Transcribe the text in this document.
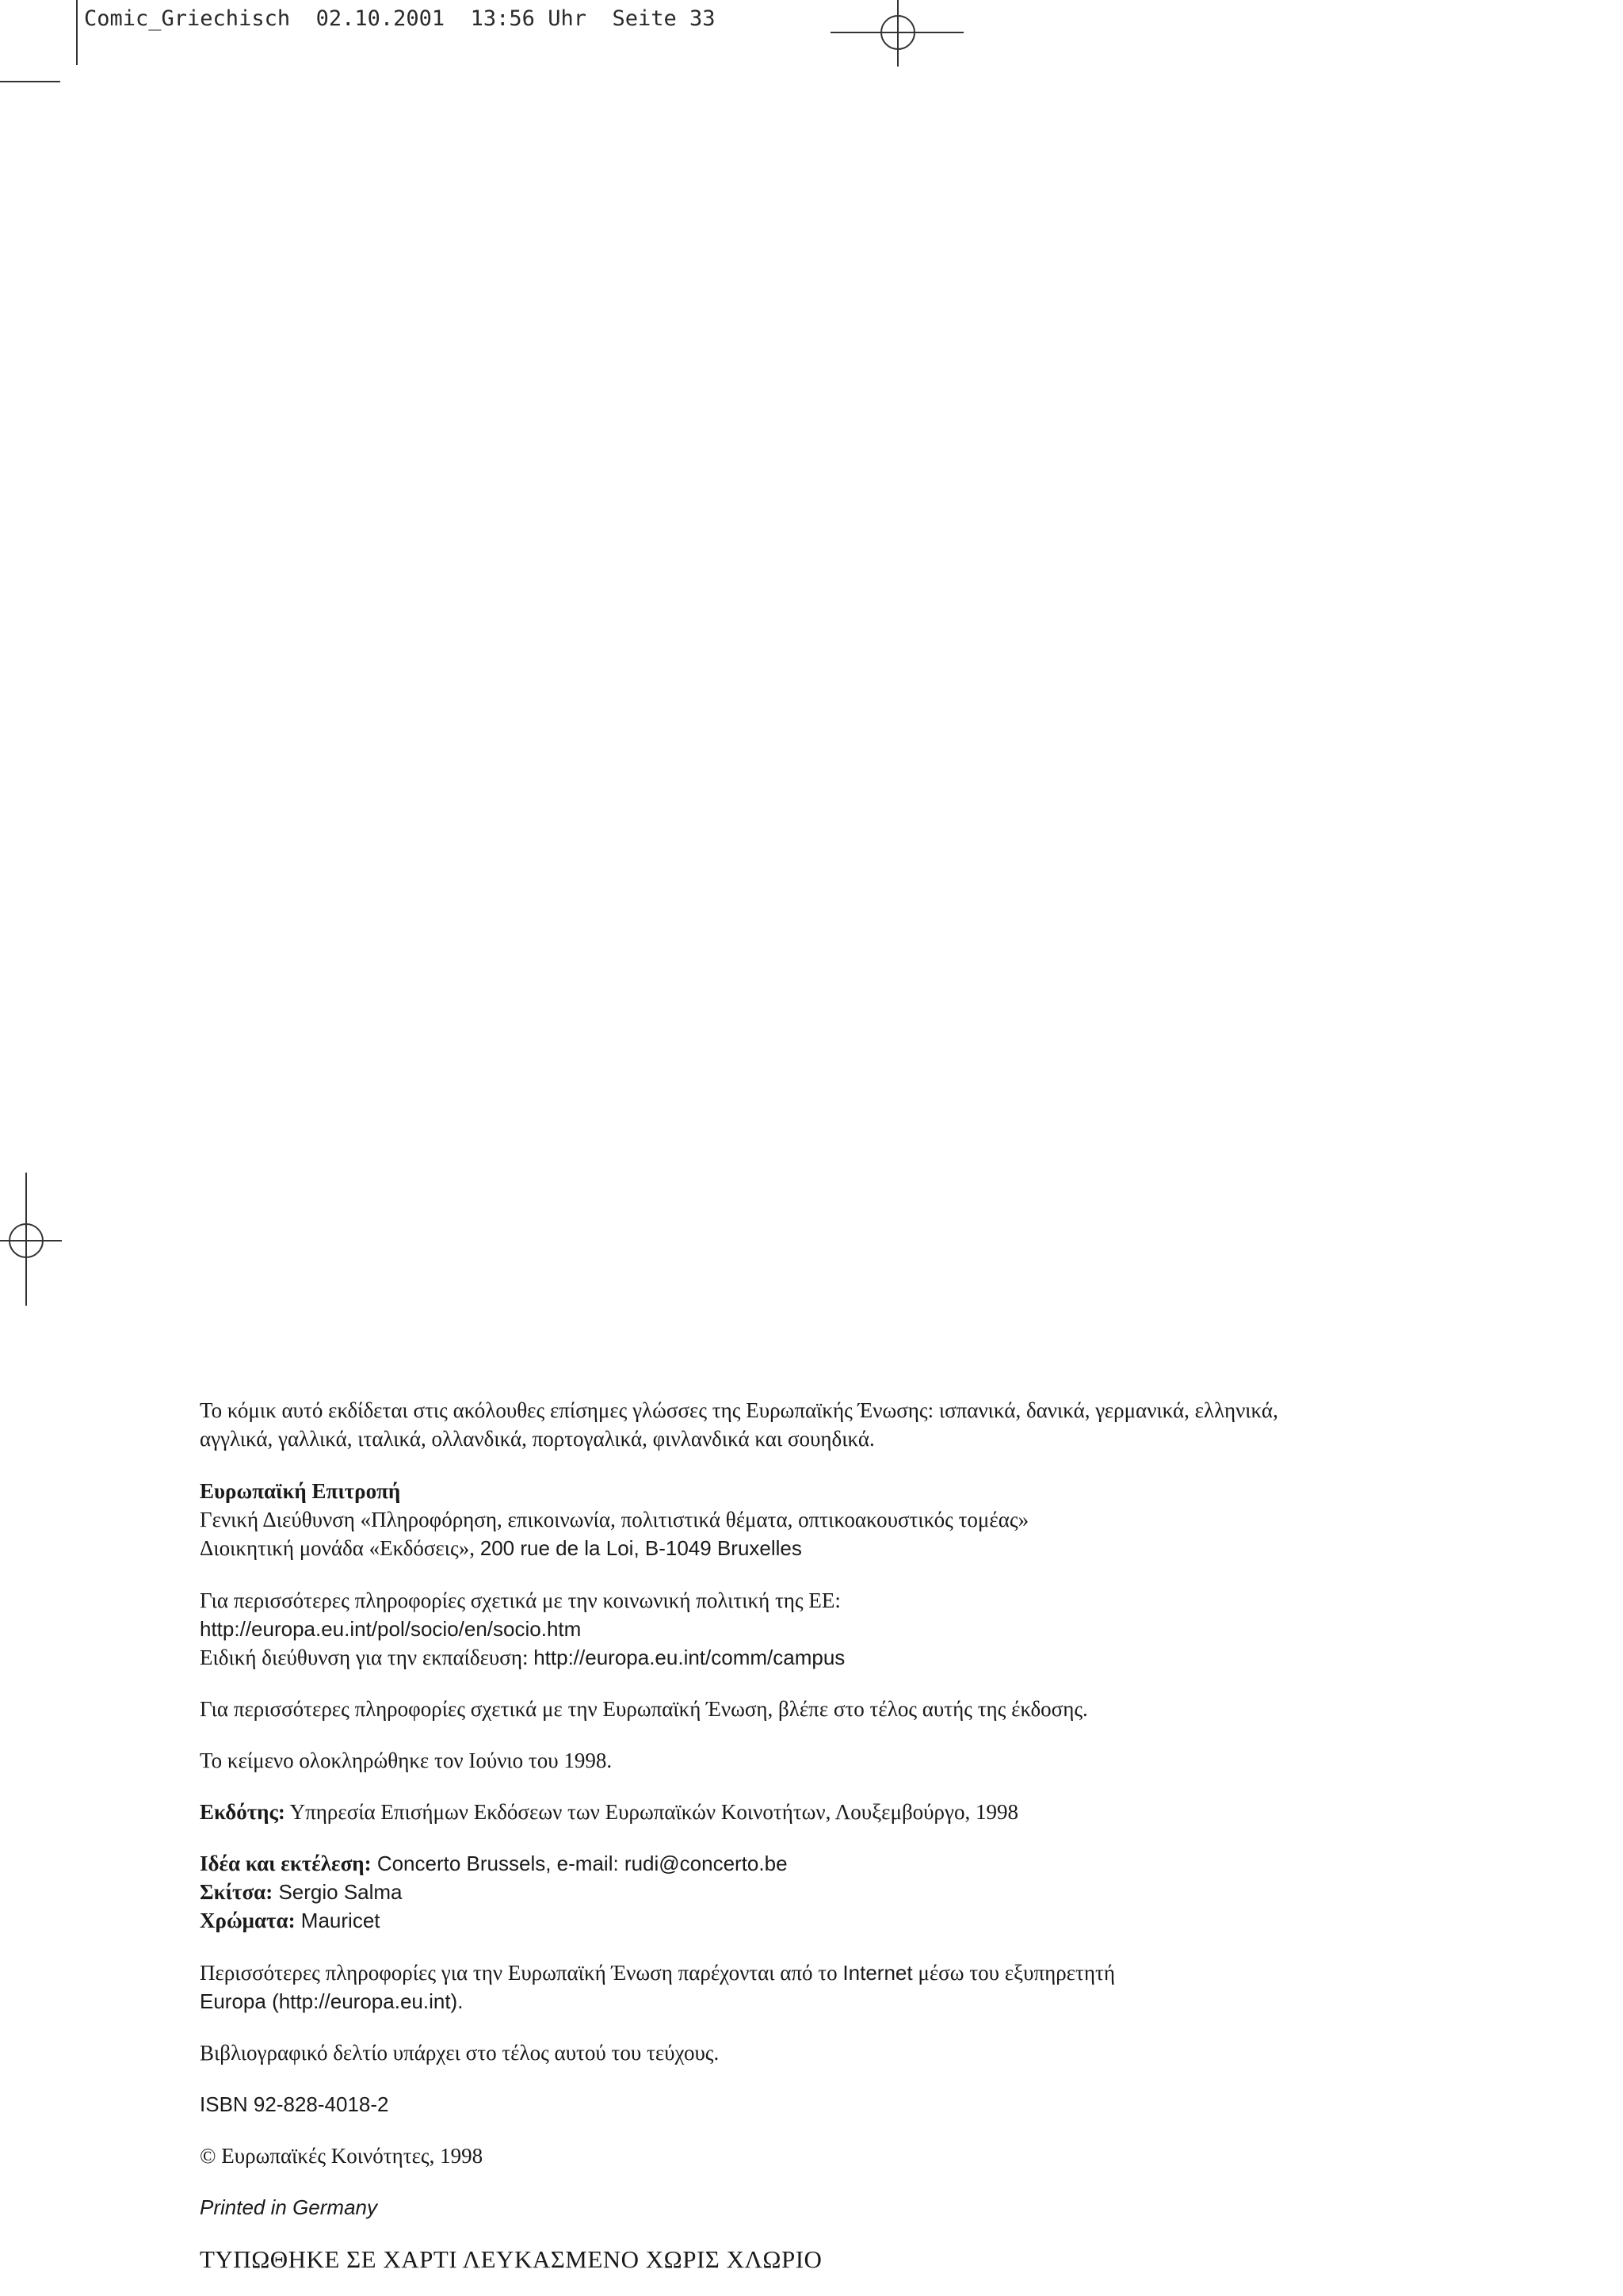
Comic_Griechisch  02.10.2001  13:56 Uhr  Seite 33

Το κόμικ αυτό εκδίδεται στις ακόλουθες επίσημες γλώσσες της Ευρωπαϊκής Ένωσης: ισπανικά, δανικά, γερμανικά, ελληνικά,
αγγλικά, γαλλικά, ιταλικά, ολλανδικά, πορτογαλικά, φινλανδικά και σουηδικά.

Ευρωπαϊκή Επιτροπή
Γενική Διεύθυνση «Πληροφόρηση, επικοινωνία, πολιτιστικά θέματα, οπτικοακουστικός τομέας»
Διοικητική μονάδα «Εκδόσεις», 200 rue de la Loi, B-1049 Bruxelles

Για περισσότερες πληροφορίες σχετικά με την κοινωνική πολιτική της ΕΕ:
http://europa.eu.int/pol/socio/en/socio.htm
Ειδική διεύθυνση για την εκπαίδευση: http://europa.eu.int/comm/campus

Για περισσότερες πληροφορίες σχετικά με την Ευρωπαϊκή Ένωση, βλέπε στο τέλος αυτής της έκδοσης.

Το κείμενο ολοκληρώθηκε τον Ιούνιο του 1998.

Εκδότης: Υπηρεσία Επισήμων Εκδόσεων των Ευρωπαϊκών Κοινοτήτων, Λουξεμβούργο, 1998

Ιδέα και εκτέλεση: Concerto Brussels, e-mail: rudi@concerto.be
Σκίτσα: Sergio Salma
Χρώματα: Mauricet

Περισσότερες πληροφορίες για την Ευρωπαϊκή Ένωση παρέχονται από το Internet μέσω του εξυπηρετητή
Europa (http://europa.eu.int).

Βιβλιογραφικό δελτίο υπάρχει στο τέλος αυτού του τεύχους.

ISBN 92-828-4018-2

© Ευρωπαϊκές Κοινότητες, 1998

Printed in Germany

ΤΥΠΩΘΗΚΕ ΣΕ ΧΑΡΤΙ ΛΕΥΚΑΣΜΕΝΟ ΧΩΡΙΣ ΧΛΩΡΙΟ
